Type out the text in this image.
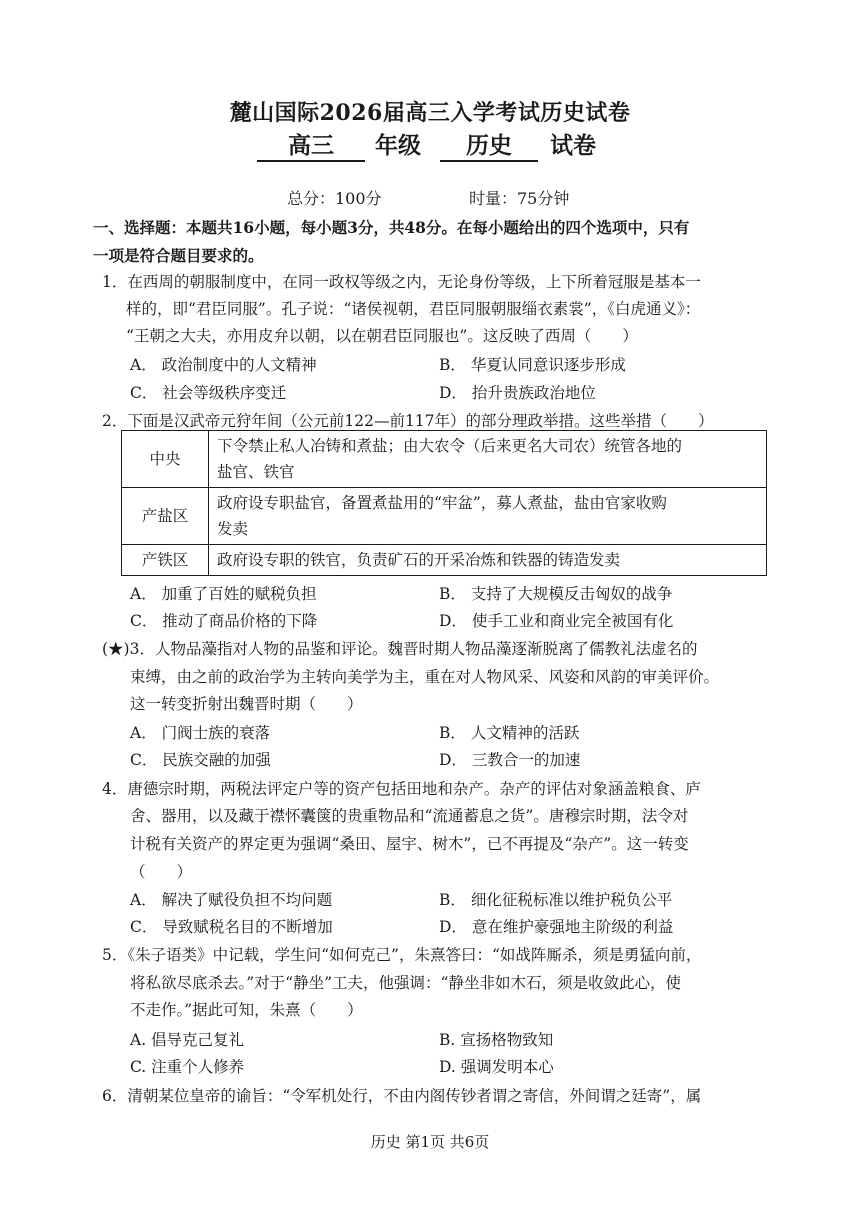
麓山国际2026届高三入学考试历史试卷
高三	年级	历史	试卷
总分：100分	时量：75分钟
一、选择题：本题共16小题，每小题3分，共48分。在每小题给出的四个选项中，只有
一项是符合题目要求的。
1．在西周的朝服制度中，在同一政权等级之内，无论身份等级，上下所着冠服是基本一
样的，即“君臣同服”。孔子说：“诸侯视朝，君臣同服朝服缁衣素裳”，《白虎通义》：
“王朝之大夫，亦用皮弁以朝，以在朝君臣同服也”。这反映了西周（　　）
A． 政治制度中的人文精神	B． 华夏认同意识逐步形成
C． 社会等级秩序变迁	D． 抬升贵族政治地位
2．下面是汉武帝元狩年间（公元前122—前117年）的部分理政举措。这些举措（　　）
中央	下令禁止私人冶铸和煮盐；由大农令（后来更名大司农）统管各地的
盐官、铁官

产盐区	政府设专职盐官，备置煮盐用的“牢盆”，募人煮盐，盐由官家收购
发卖

产铁区	政府设专职的铁官，负责矿石的开采冶炼和铁器的铸造发卖
A． 加重了百姓的赋税负担	B． 支持了大规模反击匈奴的战争
C． 推动了商品价格的下降	D． 使手工业和商业完全被国有化
(★)3．人物品藻指对人物的品鉴和评论。魏晋时期人物品藻逐渐脱离了儒教礼法虚名的
束缚，由之前的政治学为主转向美学为主，重在对人物风采、风姿和风韵的审美评价。
这一转变折射出魏晋时期（　　）
A． 门阀士族的衰落	B． 人文精神的活跃
C． 民族交融的加强	D． 三教合一的加速
4．唐德宗时期，两税法评定户等的资产包括田地和杂产。杂产的评估对象涵盖粮食、庐
舍、器用，以及藏于襟怀囊箧的贵重物品和“流通蓄息之货”。唐穆宗时期，法令对
计税有关资产的界定更为强调“桑田、屋宇、树木”，已不再提及“杂产”。这一转变
（　　）
A． 解决了赋役负担不均问题	B． 细化征税标准以维护税负公平
C． 导致赋税名目的不断增加	D． 意在维护豪强地主阶级的利益
5．《朱子语类》中记载，学生问“如何克己”，朱熹答曰：“如战阵厮杀，须是勇猛向前，
将私欲尽底杀去。”对于“静坐”工夫，他强调：“静坐非如木石，须是收敛此心，使
不走作。”据此可知，朱熹（　　）
A. 倡导克己复礼	B. 宣扬格物致知
C. 注重个人修养	D. 强调发明本心
6．清朝某位皇帝的谕旨：“令军机处行，不由内阁传钞者谓之寄信，外间谓之廷寄”，属
历史 第1页 共6页
